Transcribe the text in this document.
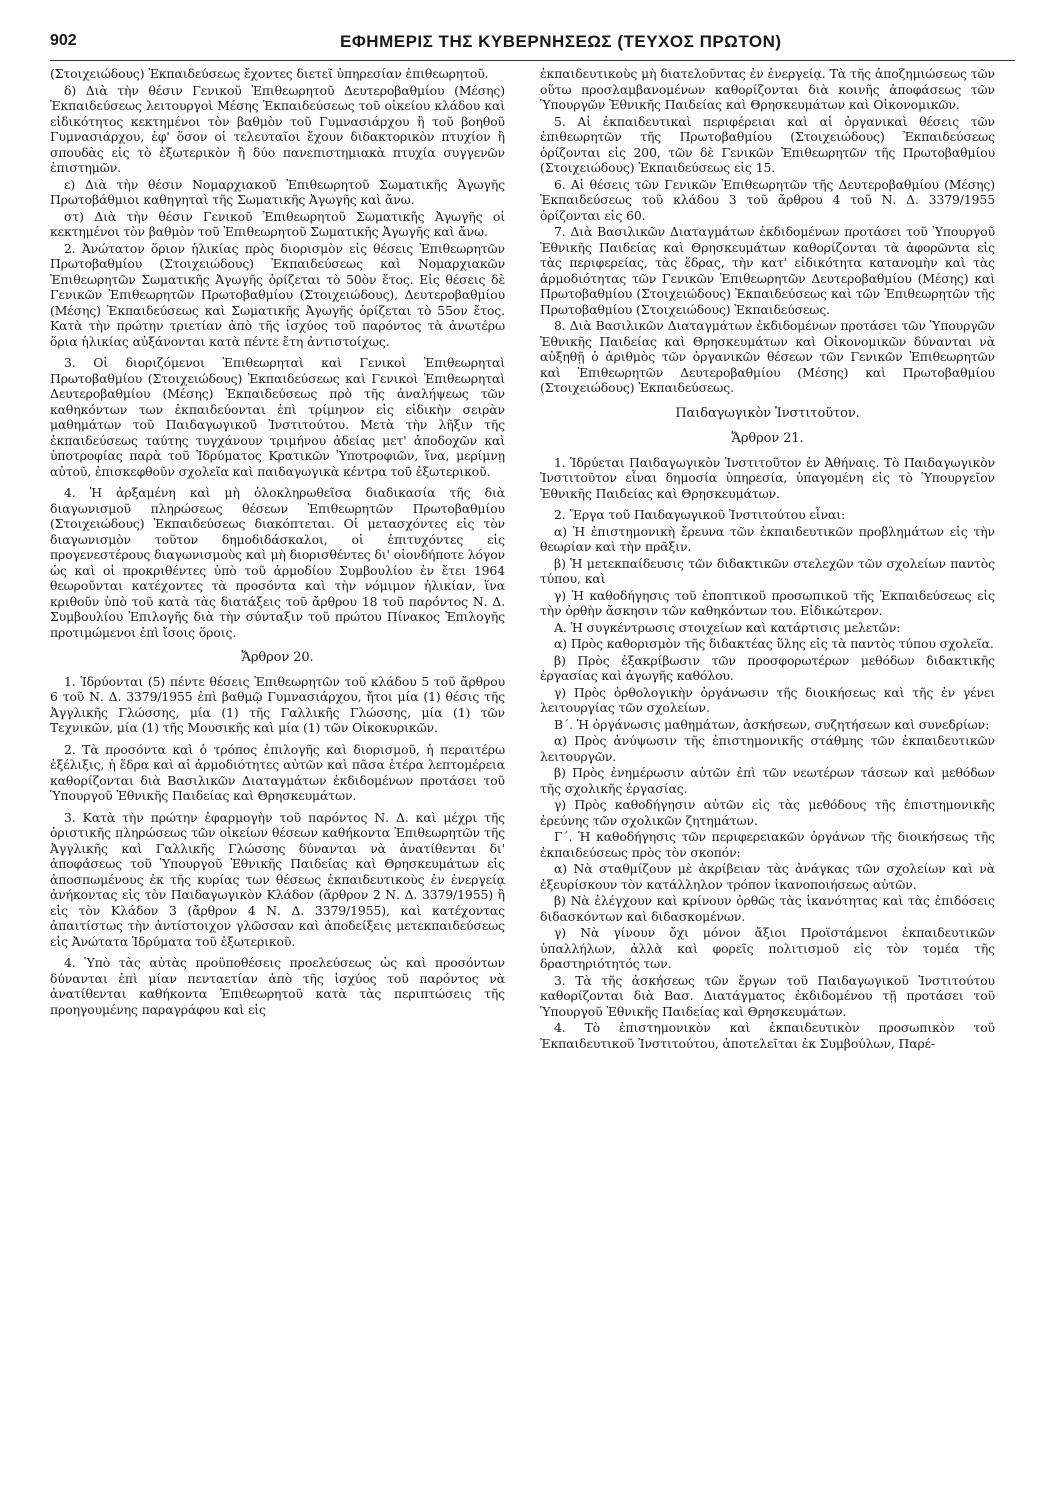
902	ΕΦΗΜΕΡΙΣ ΤΗΣ ΚΥΒΕΡΝΗΣΕΩΣ (ΤΕΥΧΟΣ ΠΡΩΤΟΝ)

(Στοιχειώδους) Ἐκπαιδεύσεως ἔχοντες διετεῖ ὑπηρεσίαν ἐπιθεωρητοῦ.

δ) Διὰ τὴν θέσιν Γενικοῦ Ἐπιθεωρητοῦ Δευτεροβαθμίου (Μέσης) Ἐκπαιδεύσεως λειτουργοὶ Μέσης Ἐκπαιδεύσεως τοῦ οἰκείου κλάδου καὶ εἰδικότητος κεκτημένοι τὸν βαθμὸν τοῦ Γυμνασιάρχου ἢ τοῦ βοηθοῦ Γυμνασιάρχου, ἐφ' ὅσον οἱ τελευταῖοι ἔχουν διδακτορικὸν πτυχίον ἢ σπουδὰς εἰς τὸ ἐξωτερικὸν ἢ δύο πανεπιστημιακὰ πτυχία συγγενῶν ἐπιστημῶν.

ε) Διὰ τὴν θέσιν Νομαρχιακοῦ Ἐπιθεωρητοῦ Σωματικῆς Ἀγωγῆς Πρωτοβάθμιοι καθηγηταὶ τῆς Σωματικῆς Ἀγωγῆς καὶ ἄνω.

στ) Διὰ τὴν θέσιν Γενικοῦ Ἐπιθεωρητοῦ Σωματικῆς Ἀγωγῆς οἱ κεκτημένοι τὸν βαθμὸν τοῦ Ἐπιθεωρητοῦ Σωματικῆς Ἀγωγῆς καὶ ἄνω.

2. Ἀνώτατον ὅριον ἡλικίας πρὸς διορισμὸν εἰς θέσεις Ἐπιθεωρητῶν Πρωτοβαθμίου (Στοιχειώδους) Ἐκπαιδεύσεως καὶ Νομαρχιακῶν Ἐπιθεωρητῶν Σωματικῆς Ἀγωγῆς ὁρίζεται τὸ 50ὸν ἔτος. Εἰς θέσεις δὲ Γενικῶν Ἐπιθεωρητῶν Πρωτοβαθμίου (Στοιχειώδους), Δευτεροβαθμίου (Μέσης) Ἐκπαιδεύσεως καὶ Σωματικῆς Ἀγωγῆς ὁρίζεται τὸ 55ον ἔτος. Κατὰ τὴν πρώτην τριετίαν ἀπὸ τῆς ἰσχύος τοῦ παρόντος τὰ ἀνωτέρω ὅρια ἡλικίας αὐξάνονται κατὰ πέντε ἔτη ἀντιστοίχως.

3. Οἱ διοριζόμενοι Ἐπιθεωρηταὶ καὶ Γενικοὶ Ἐπιθεωρηταὶ Πρωτοβαθμίου (Στοιχειώδους) Ἐκπαιδεύσεως καὶ Γενικοὶ Ἐπιθεωρηταὶ Δευτεροβαθμίου (Μέσης) Ἐκπαιδεύσεως πρὸ τῆς ἀναλήψεως τῶν καθηκόντων των ἐκπαιδεύονται ἐπὶ τρίμηνον εἰς εἰδικὴν σειρὰν μαθημάτων τοῦ Παιδαγωγικοῦ Ἰνστιτούτου. Μετὰ τὴν λῆξιν τῆς ἐκπαιδεύσεως ταύτης τυγχάνουν τριμήνου ἀδείας μετ' ἀποδοχῶν καὶ ὑποτροφίας παρὰ τοῦ Ἱδρύματος Κρατικῶν Ὑποτροφιῶν, ἵνα, μερίμνῃ αὐτοῦ, ἐπισκεφθοῦν σχολεῖα καὶ παιδαγωγικὰ κέντρα τοῦ ἐξωτερικοῦ.

4. Ἡ ἀρξαμένη καὶ μὴ ὁλοκληρωθεῖσα διαδικασία τῆς διὰ διαγωνισμοῦ πληρώσεως θέσεων Ἐπιθεωρητῶν Πρωτοβαθμίου (Στοιχειώδους) Ἐκπαιδεύσεως διακόπτεται. Οἱ μετασχόντες εἰς τὸν διαγωνισμὸν τοῦτον δημοδιδάσκαλοι, οἱ ἐπιτυχόντες εἰς προγενεστέρους διαγωνισμοὺς καὶ μὴ διορισθέντες δι' οἱονδήποτε λόγον ὡς καὶ οἱ προκριθέντες ὑπὸ τοῦ ἁρμοδίου Συμβουλίου ἐν ἔτει 1964 θεωροῦνται κατέχοντες τὰ προσόντα καὶ τὴν νόμιμον ἡλικίαν, ἵνα κριθοῦν ὑπὸ τοῦ κατὰ τὰς διατάξεις τοῦ ἄρθρου 18 τοῦ παρόντος Ν. Δ. Συμβουλίου Ἐπιλογῆς διὰ τὴν σύνταξιν τοῦ πρώτου Πίνακος Ἐπιλογῆς προτιμώμενοι ἐπὶ ἴσοις ὅροις.

Ἄρθρον 20.

1. Ἱδρύονται (5) πέντε θέσεις Ἐπιθεωρητῶν τοῦ κλάδου 5 τοῦ ἄρθρου 6 τοῦ Ν. Δ. 3379/1955 ἐπὶ βαθμῷ Γυμνασιάρχου, ἤτοι μία (1) θέσις τῆς Ἀγγλικῆς Γλώσσης, μία (1) τῆς Γαλλικῆς Γλώσσης, μία (1) τῶν Τεχνικῶν, μία (1) τῆς Μουσικῆς καὶ μία (1) τῶν Οἰκοκυρικῶν.

2. Τὰ προσόντα καὶ ὁ τρόπος ἐπιλογῆς καὶ διορισμοῦ, ἡ περαιτέρω ἐξέλιξις, ἡ ἕδρα καὶ αἱ ἁρμοδιότητες αὐτῶν καὶ πᾶσα ἑτέρα λεπτομέρεια καθορίζονται διὰ Βασιλικῶν Διαταγμάτων ἐκδιδομένων προτάσει τοῦ Ὑπουργοῦ Ἐθνικῆς Παιδείας καὶ Θρησκευμάτων.

3. Κατὰ τὴν πρώτην ἐφαρμογὴν τοῦ παρόντος Ν. Δ. καὶ μέχρι τῆς ὁριστικῆς πληρώσεως τῶν οἰκείων θέσεων καθήκοντα Ἐπιθεωρητῶν τῆς Ἀγγλικῆς καὶ Γαλλικῆς Γλώσσης δύνανται νὰ ἀνατίθενται δι' ἀποφάσεως τοῦ Ὑπουργοῦ Ἐθνικῆς Παιδείας καὶ Θρησκευμάτων εἰς ἀποσπωμένους ἐκ τῆς κυρίας των θέσεως ἐκπαιδευτικοὺς ἐν ἐνεργείᾳ ἀνήκοντας εἰς τὸν Παιδαγωγικὸν Κλάδον (ἄρθρον 2 Ν. Δ. 3379/1955) ἢ εἰς τὸν Κλάδον 3 (ἄρθρον 4 Ν. Δ. 3379/1955), καὶ κατέχοντας ἀπαιτίστως τὴν ἀντίστοιχον γλῶσσαν καὶ ἀποδείξεις μετεκπαιδεύσεως εἰς Ἀνώτατα Ἱδρύματα τοῦ ἐξωτερικοῦ.

4. Ὑπὸ τὰς αὐτὰς προϋποθέσεις προελεύσεως ὡς καὶ προσόντων δύνανται ἐπὶ μίαν πενταετίαν ἀπὸ τῆς ἰσχύος τοῦ παρόντος νὰ ἀνατίθενται καθήκοντα Ἐπιθεωρητοῦ κατὰ τὰς περιπτώσεις τῆς προηγουμένης παραγράφου καὶ εἰς

ἐκπαιδευτικοὺς μὴ διατελοῦντας ἐν ἐνεργείᾳ. Τὰ τῆς ἀποζημιώσεως τῶν οὕτω προσλαμβανομένων καθορίζονται διὰ κοινῆς ἀποφάσεως τῶν Ὑπουργῶν Ἐθνικῆς Παιδείας καὶ Θρησκευμάτων καὶ Οἰκονομικῶν.

5. Αἱ ἐκπαιδευτικαὶ περιφέρειαι καὶ αἱ ὀργανικαὶ θέσεις τῶν ἐπιθεωρητῶν τῆς Πρωτοβαθμίου (Στοιχειώδους) Ἐκπαιδεύσεως ὁρίζονται εἰς 200, τῶν δὲ Γενικῶν Ἐπιθεωρητῶν τῆς Πρωτοβαθμίου (Στοιχειώδους) Ἐκπαιδεύσεως εἰς 15.

6. Αἱ θέσεις τῶν Γενικῶν Ἐπιθεωρητῶν τῆς Δευτεροβαθμίου (Μέσης) Ἐκπαιδεύσεως τοῦ κλάδου 3 τοῦ ἄρθρου 4 τοῦ Ν. Δ. 3379/1955 ὁρίζονται εἰς 60.

7. Διὰ Βασιλικῶν Διαταγμάτων ἐκδιδομένων προτάσει τοῦ Ὑπουργοῦ Ἐθνικῆς Παιδείας καὶ Θρησκευμάτων καθορίζονται τὰ ἀφορῶντα εἰς τὰς περιφερείας, τὰς ἕδρας, τὴν κατ' εἰδικότητα κατανομὴν καὶ τὰς ἁρμοδιότητας τῶν Γενικῶν Ἐπιθεωρητῶν Δευτεροβαθμίου (Μέσης) καὶ Πρωτοβαθμίου (Στοιχειώδους) Ἐκπαιδεύσεως καὶ τῶν Ἐπιθεωρητῶν τῆς Πρωτοβαθμίου (Στοιχειώδους) Ἐκπαιδεύσεως.

8. Διὰ Βασιλικῶν Διαταγμάτων ἐκδιδομένων προτάσει τῶν Ὑπουργῶν Ἐθνικῆς Παιδείας καὶ Θρησκευμάτων καὶ Οἰκονομικῶν δύνανται νὰ αὐξηθῇ ὁ ἀριθμὸς τῶν ὀργανικῶν θέσεων τῶν Γενικῶν Ἐπιθεωρητῶν καὶ Ἐπιθεωρητῶν Δευτεροβαθμίου (Μέσης) καὶ Πρωτοβαθμίου (Στοιχειώδους) Ἐκπαιδεύσεως.

Παιδαγωγικὸν Ἰνστιτοῦτον.

Ἄρθρον 21.

1. Ἱδρύεται Παιδαγωγικὸν Ἰνστιτοῦτον ἐν Ἀθήναις. Τὸ Παιδαγωγικὸν Ἰνστιτοῦτον εἶναι δημοσία ὑπηρεσία, ὑπαγομένη εἰς τὸ Ὑπουργεῖον Ἐθνικῆς Παιδείας καὶ Θρησκευμάτων.

2. Ἔργα τοῦ Παιδαγωγικοῦ Ἰνστιτούτου εἶναι:

α) Ἡ ἐπιστημονικὴ ἔρευνα τῶν ἐκπαιδευτικῶν προβλημάτων εἰς τὴν θεωρίαν καὶ τὴν πρᾶξιν.

β) Ἡ μετεκπαίδευσις τῶν διδακτικῶν στελεχῶν τῶν σχολείων παντὸς τύπου, καὶ

γ) Ἡ καθοδήγησις τοῦ ἐποπτικοῦ προσωπικοῦ τῆς Ἐκπαιδεύσεως εἰς τὴν ὀρθὴν ἄσκησιν τῶν καθηκόντων του. Εἰδικώτερον.

Α. Ἡ συγκέντρωσις στοιχείων καὶ κατάρτισις μελετῶν:

α) Πρὸς καθορισμὸν τῆς διδακτέας ὕλης εἰς τὰ παντὸς τύπου σχολεῖα.

β) Πρὸς ἐξακρίβωσιν τῶν προσφορωτέρων μεθόδων διδακτικῆς ἐργασίας καὶ ἀγωγῆς καθόλου.

γ) Πρὸς ὀρθολογικὴν ὀργάνωσιν τῆς διοικήσεως καὶ τῆς ἐν γένει λειτουργίας τῶν σχολείων.

Β΄. Ἡ ὀργάνωσις μαθημάτων, ἀσκήσεων, συζητήσεων καὶ συνεδρίων:

α) Πρὸς ἀνύψωσιν τῆς ἐπιστημονικῆς στάθμης τῶν ἐκπαιδευτικῶν λειτουργῶν.

β) Πρὸς ἐνημέρωσιν αὐτῶν ἐπὶ τῶν νεωτέρων τάσεων καὶ μεθόδων τῆς σχολικῆς ἐργασίας.

γ) Πρὸς καθοδήγησιν αὐτῶν εἰς τὰς μεθόδους τῆς ἐπιστημονικῆς ἐρεύνης τῶν σχολικῶν ζητημάτων.

Γ΄. Ἡ καθοδήγησις τῶν περιφερειακῶν ὀργάνων τῆς διοικήσεως τῆς ἐκπαιδεύσεως πρὸς τὸν σκοπόν:

α) Νὰ σταθμίζουν μὲ ἀκρίβειαν τὰς ἀνάγκας τῶν σχολείων καὶ νὰ ἐξευρίσκουν τὸν κατάλληλον τρόπον ἱκανοποιήσεως αὐτῶν.

β) Νὰ ἐλέγχουν καὶ κρίνουν ὀρθῶς τὰς ἱκανότητας καὶ τὰς ἐπιδόσεις διδασκόντων καὶ διδασκομένων.

γ) Νὰ γίνουν ὄχι μόνον ἄξιοι Προϊστάμενοι ἐκπαιδευτικῶν ὑπαλλήλων, ἀλλὰ καὶ φορεῖς πολιτισμοῦ εἰς τὸν τομέα τῆς δραστηριότητός των.

3. Τὰ τῆς ἀσκήσεως τῶν ἔργων τοῦ Παιδαγωγικοῦ Ἰνστιτούτου καθορίζονται διὰ Βασ. Διατάγματος ἐκδιδομένου τῇ προτάσει τοῦ Ὑπουργοῦ Ἐθνικῆς Παιδείας καὶ Θρησκευμάτων.

4. Τὸ ἐπιστημονικὸν καὶ ἐκπαιδευτικὸν προσωπικὸν τοῦ Ἐκπαιδευτικοῦ Ἰνστιτούτου, ἀποτελεῖται ἐκ Συμβούλων, Παρέ-
